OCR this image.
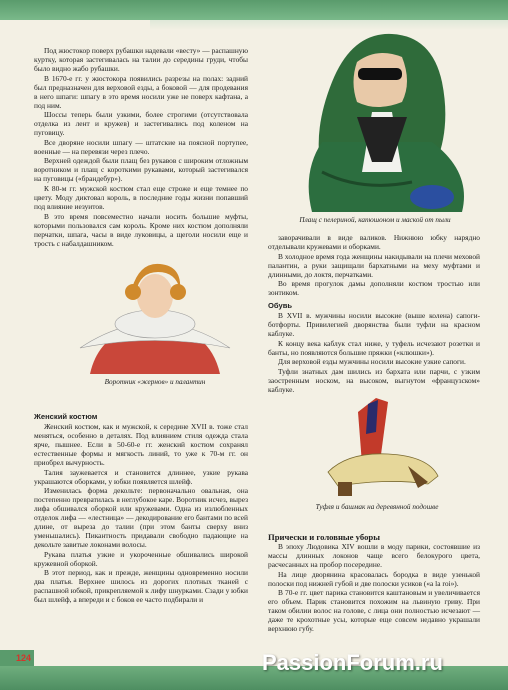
Плащ с пелериной, капюшоном и маской от пыли

Под жюстокор поверх рубашки надевали «весту» — распашную куртку, которая застегивалась на талии до середины груди, чтобы было видно жабо рубашки.

В 1670-е гг. у жюстокора появились разрезы на полах: задний был предназначен для верховой езды, а боковой — для продевания в него шпаги: шпагу в это время носили уже не поверх кафтана, а под ним.

Шоссы теперь были узкими, более строгими (отсутствовала отделка из лент и кружев) и застегивались под коленом на пуговицу.

Все дворяне носили шпагу — штатские на поясной портупее, военные — на перевязи через плечо.

Верхней одеждой были плащ без рукавов с широким отложным воротником и плащ с короткими рукавами, который застегивался на пуговицы («брандебур»).

К 80-м гг. мужской костюм стал еще строже и еще темнее по цвету. Моду диктовал король, в последние годы жизни попавший под влияние иезуитов.

В это время повсеместно начали носить большие муфты, которыми пользовался сам король. Кроме них костюм дополняли перчатки, шпага, часы в виде луковицы, а щеголи носили еще и трость с набалдашником.

Воротник «жернов» и палантин
Женский костюм

Женский костюм, как и мужской, к середине XVII в. тоже стал меняться, особенно в деталях. Под влиянием стиля одежда стала ярче, пышнее. Если в 50-60-е гг. женский костюм сохранял естественные формы и мягкость линий, то уже к 70-м гг. он приобрел вычурность.

Талия заужевается и становится длиннее, узкие рукава украшаются оборками, у юбки появляется шлейф.

Изменилась форма декольте: первоначально овальная, она постепенно превратилась в неглубокое каре. Воротник исчез, вырез лифа обшивался оборкой или кружевами. Одна из излюбленных отделок лифа — «лестница» — декодирование его бантами по всей длине, от выреза до талии (при этом банты сверху вниз уменьшались). Пикантность придавали свободно падающие на декольте завитые локонами волосы.

Рукава платья узкие и укороченные обшивались широкой кружевной оборкой.

В этот период, как и прежде, женщины одновременно носили два платья. Верхнее шилось из дорогих плотных тканей с распашной юбкой, прикрепляемой к лифу шнурками. Сзади у юбки был шлейф, а впереди и с боков ее часто подбирали и

заворачивали в виде валиков. Нижнюю юбку нарядно отделывали кружевами и оборками.

В холодное время года женщины накидывали на плечи меховой палантин, а руки защищали бархатными на меху муфтами и длинными, до локтя, перчатками.

Во время прогулок дамы дополняли костюм тростью или зонтиком.

Обувь

В XVII в. мужчины носили высокие (выше колена) сапоги-ботфорты. Привилегией дворянства были туфли на красном каблуке.

К концу века каблук стал ниже, у туфель исчезают розетки и банты, но появляются большие пряжки («клюшки»).

Для верховой езды мужчины носили высокие узкие сапоги.

Туфли знатных дам шились из бархата или парчи, с узким заостренным носком, на высоком, выгнутом «французском» каблуке.

Туфля и башмак на деревянной подошве
Прически и головные уборы

В эпоху Людовика XIV вошли в моду парики, состоявшие из массы длинных локонов чаще всего белокурого цвета, расчесанных на пробор посередине.

На лице дворянина красовалась бородка в виде узенькой полоски под нижней губой и две полоски усиков («a la roi»).

В 70-е гг. цвет парика становится каштановым и увеличивается его объем. Парик становится похожим на львиную гриву. При таком обилии волос на голове, с лица они полностью исчезают — даже те крохотные усы, которые еще совсем недавно украшали верхнюю губу.

124	PassionForum.ru
